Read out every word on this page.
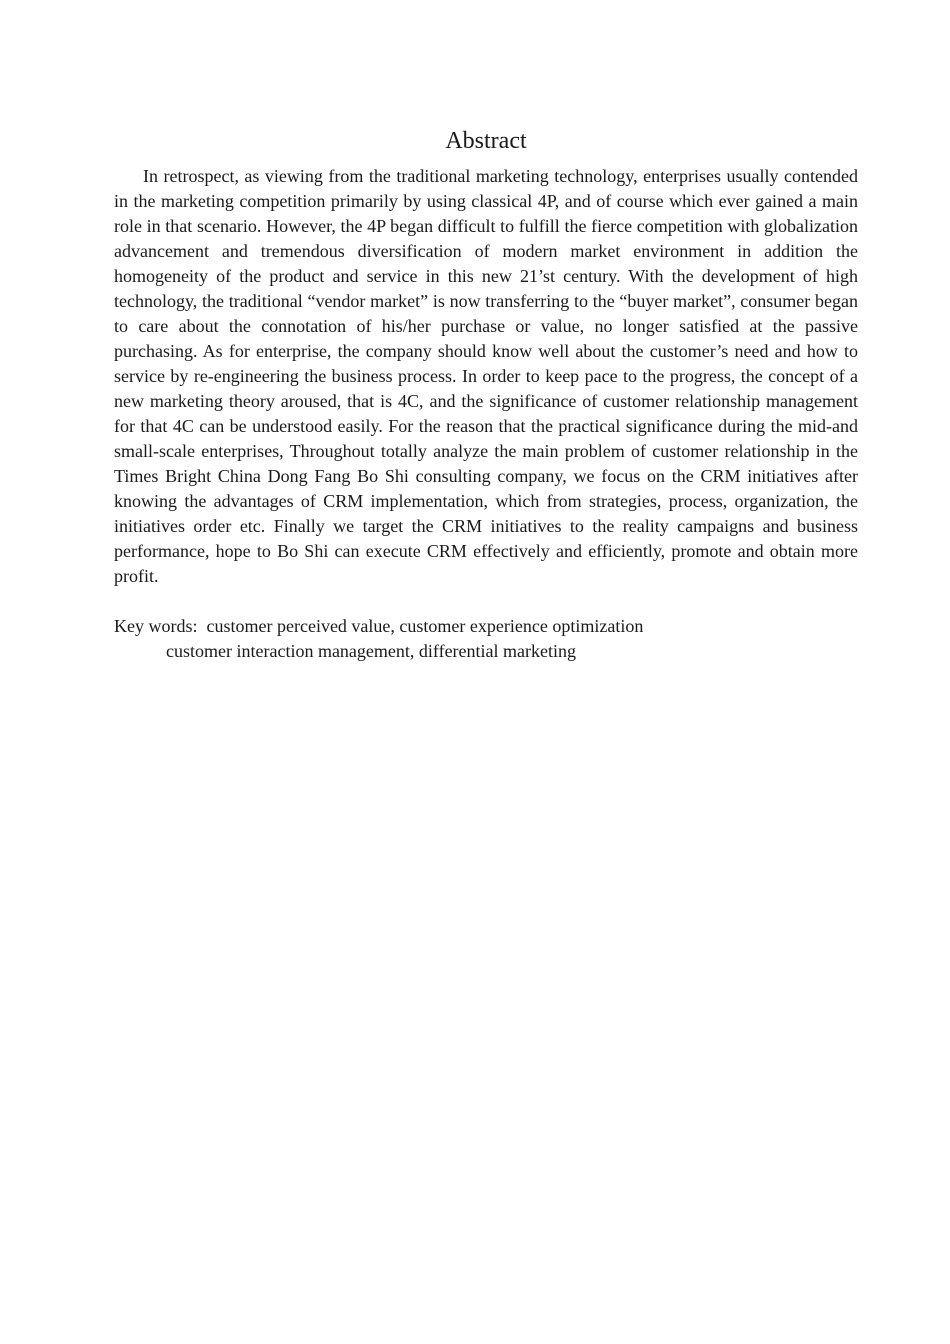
Abstract

In retrospect, as viewing from the traditional marketing technology, enterprises usually contended in the marketing competition primarily by using classical 4P, and of course which ever gained a main role in that scenario. However, the 4P began difficult to fulfill the fierce competition with globalization advancement and tremendous diversification of modern market environment in addition the homogeneity of the product and service in this new 21’st century. With the development of high technology, the traditional “vendor market” is now transferring to the “buyer market”, consumer began to care about the connotation of his/her purchase or value, no longer satisfied at the passive purchasing. As for enterprise, the company should know well about the customer’s need and how to service by re-engineering the business process. In order to keep pace to the progress, the concept of a new marketing theory aroused, that is 4C, and the significance of customer relationship management for that 4C can be understood easily. For the reason that the practical significance during the mid-and small-scale enterprises, Throughout totally analyze the main problem of customer relationship in the Times Bright China Dong Fang Bo Shi consulting company, we focus on the CRM initiatives after knowing the advantages of CRM implementation, which from strategies, process, organization, the initiatives order etc. Finally we target the CRM initiatives to the reality campaigns and business performance, hope to Bo Shi can execute CRM effectively and efficiently, promote and obtain more profit.

Key words: customer perceived value, customer experience optimization
customer interaction management, differential marketing
